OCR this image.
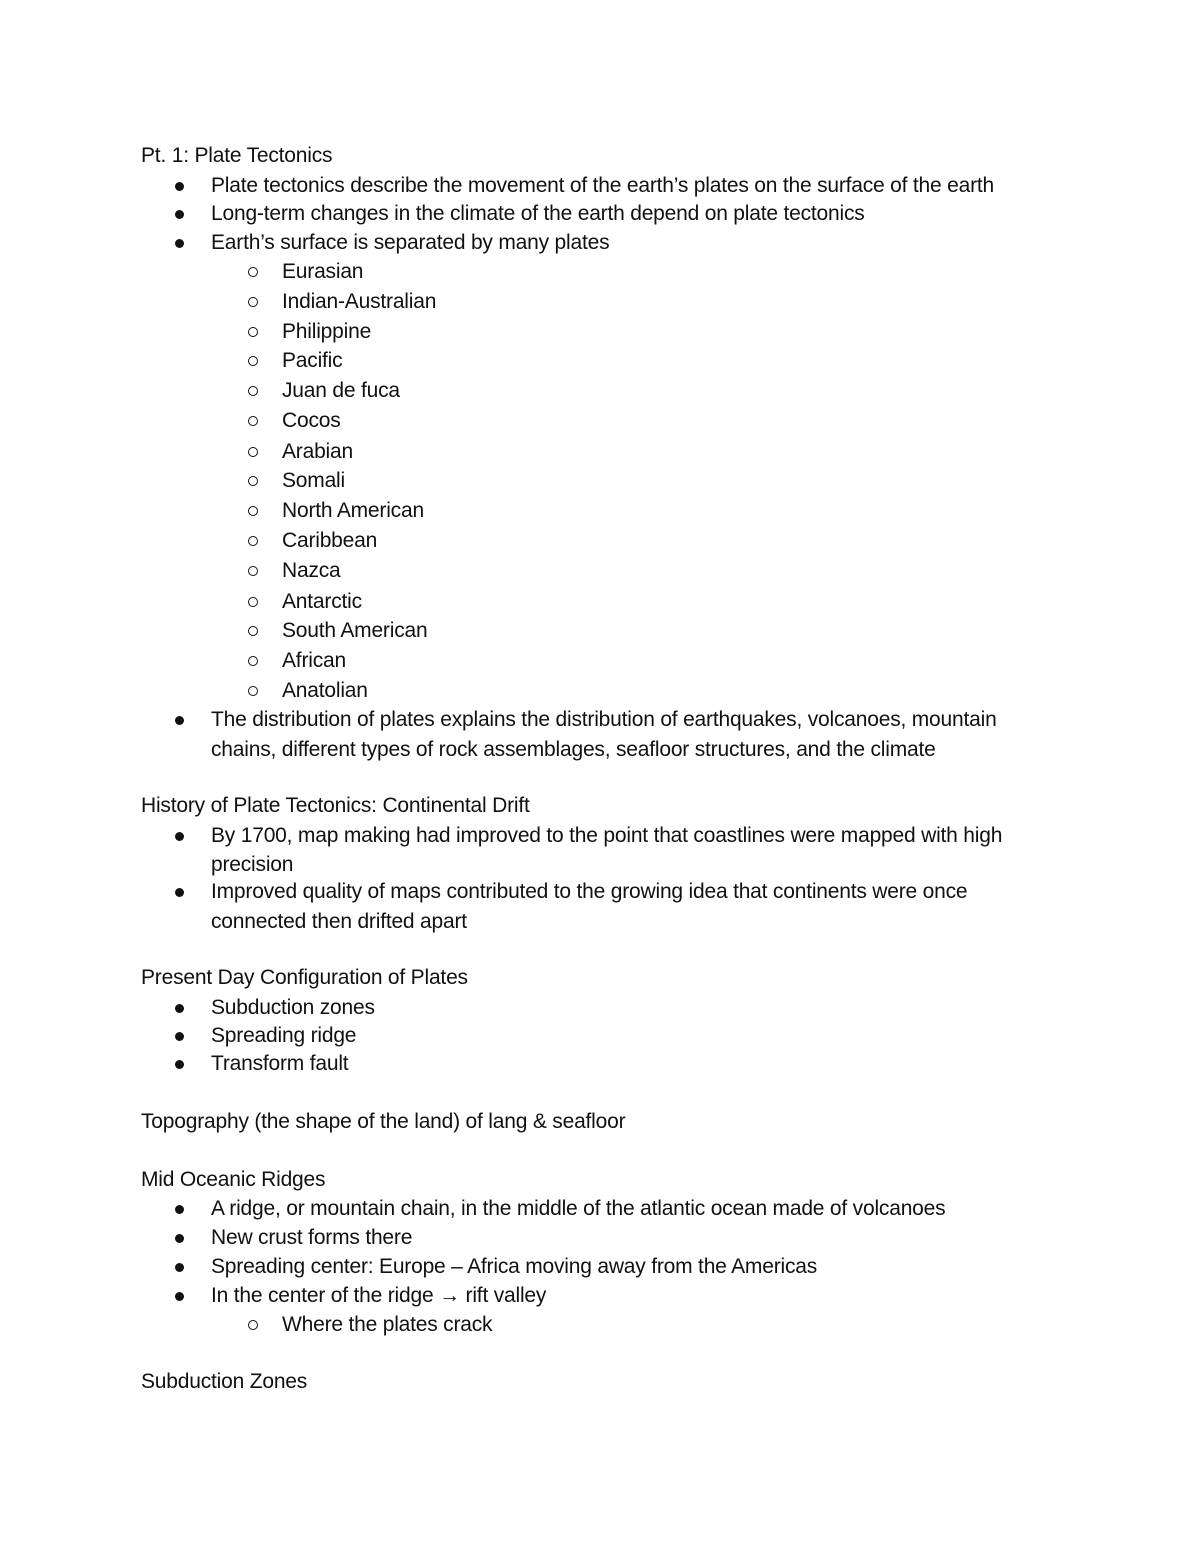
Pt. 1: Plate Tectonics
Plate tectonics describe the movement of the earth’s plates on the surface of the earth
Long-term changes in the climate of the earth depend on plate tectonics
Earth’s surface is separated by many plates
Eurasian
Indian-Australian
Philippine
Pacific
Juan de fuca
Cocos
Arabian
Somali
North American
Caribbean
Nazca
Antarctic
South American
African
Anatolian
The distribution of plates explains the distribution of earthquakes, volcanoes, mountain
chains, different types of rock assemblages, seafloor structures, and the climate
History of Plate Tectonics: Continental Drift
By 1700, map making had improved to the point that coastlines were mapped with high
precision
Improved quality of maps contributed to the growing idea that continents were once
connected then drifted apart
Present Day Configuration of Plates
Subduction zones
Spreading ridge
Transform fault
Topography (the shape of the land) of lang & seafloor
Mid Oceanic Ridges
A ridge, or mountain chain, in the middle of the atlantic ocean made of volcanoes
New crust forms there
Spreading center: Europe – Africa moving away from the Americas
In the center of the ridge → rift valley
Where the plates crack
Subduction Zones
